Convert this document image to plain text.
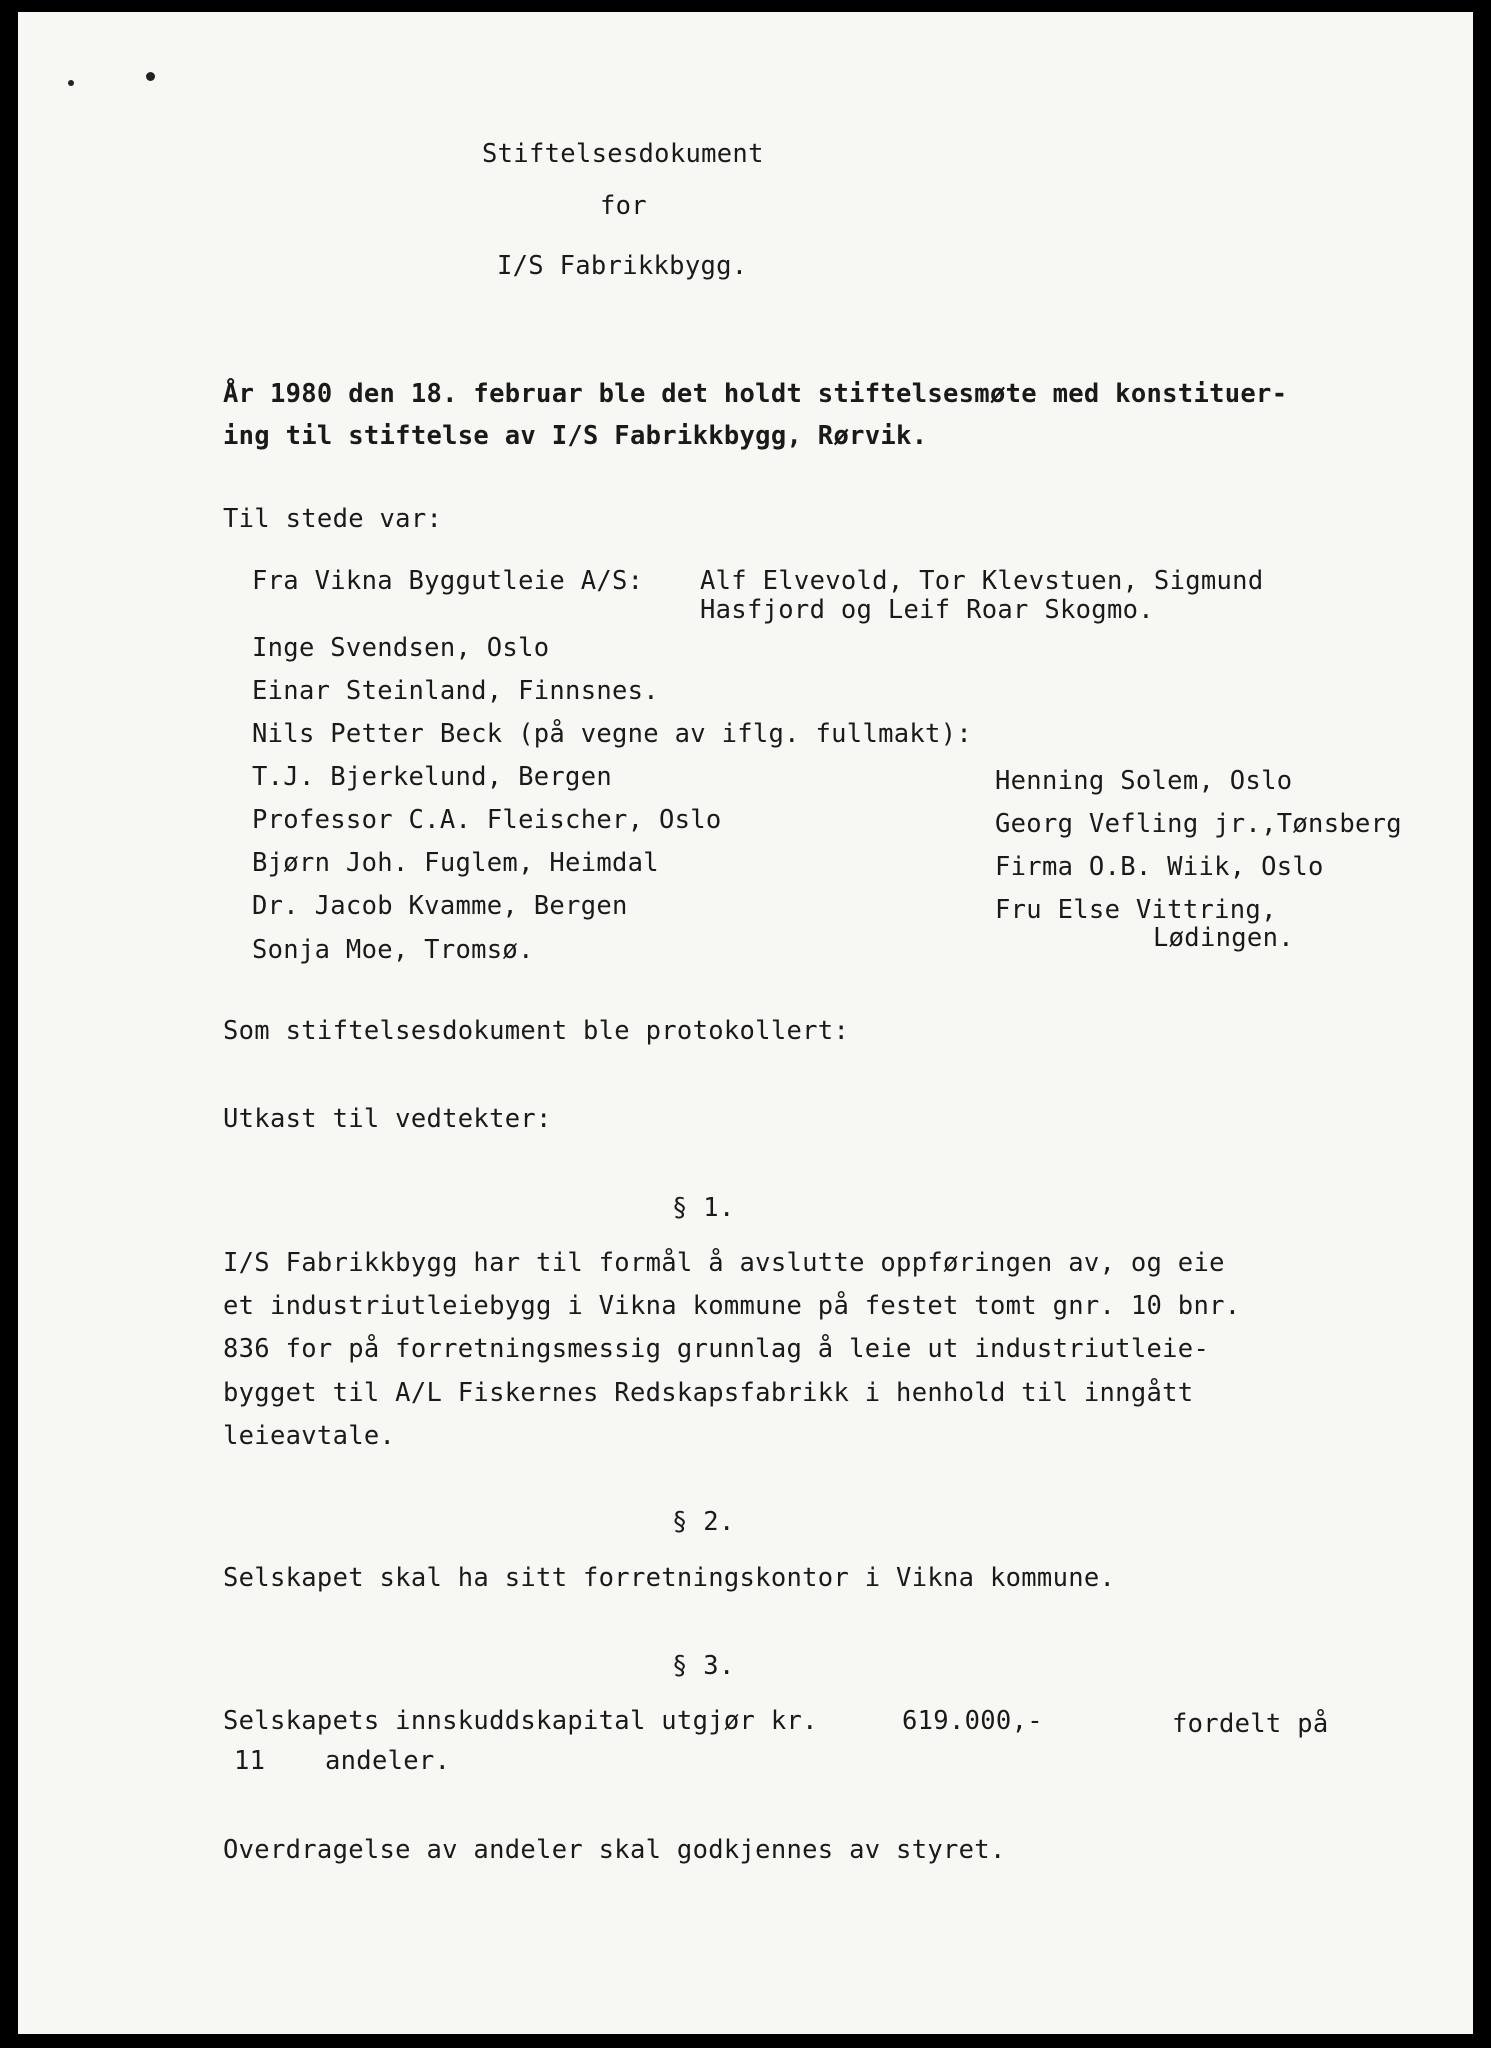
Stiftelsesdokument
for
I/S Fabrikkbygg.
År 1980 den 18. februar ble det holdt stiftelsesmøte med konstituer-
ing til stiftelse av I/S Fabrikkbygg, Rørvik.
Til stede var:
Fra Vikna Byggutleie A/S: Alf Elvevold, Tor Klevstuen, Sigmund
Hasfjord og Leif Roar Skogmo.
Inge Svendsen, Oslo
Einar Steinland, Finnsnes.
Nils Petter Beck (på vegne av iflg. fullmakt):
T.J. Bjerkelund, Bergen
Professor C.A. Fleischer, Oslo
Bjørn Joh. Fuglem, Heimdal
Dr. Jacob Kvamme, Bergen
Sonja Moe, Tromsø.
Henning Solem, Oslo
Georg Vefling jr.,Tønsberg
Firma O.B. Wiik, Oslo
Fru Else Vittring,
Lødingen.
Som stiftelsesdokument ble protokollert:
Utkast til vedtekter:
§ 1.
I/S Fabrikkbygg har til formål å avslutte oppføringen av, og eie
et industriutleiebygg i Vikna kommune på festet tomt gnr. 10 bnr.
836 for på forretningsmessig grunnlag å leie ut industriutleie-
bygget til A/L Fiskernes Redskapsfabrikk i henhold til inngått
leieavtale.
§ 2.
Selskapet skal ha sitt forretningskontor i Vikna kommune.
§ 3.
Selskapets innskuddskapital utgjør kr.	619.000,-	fordelt på
11 andeler.
Overdragelse av andeler skal godkjennes av styret.
